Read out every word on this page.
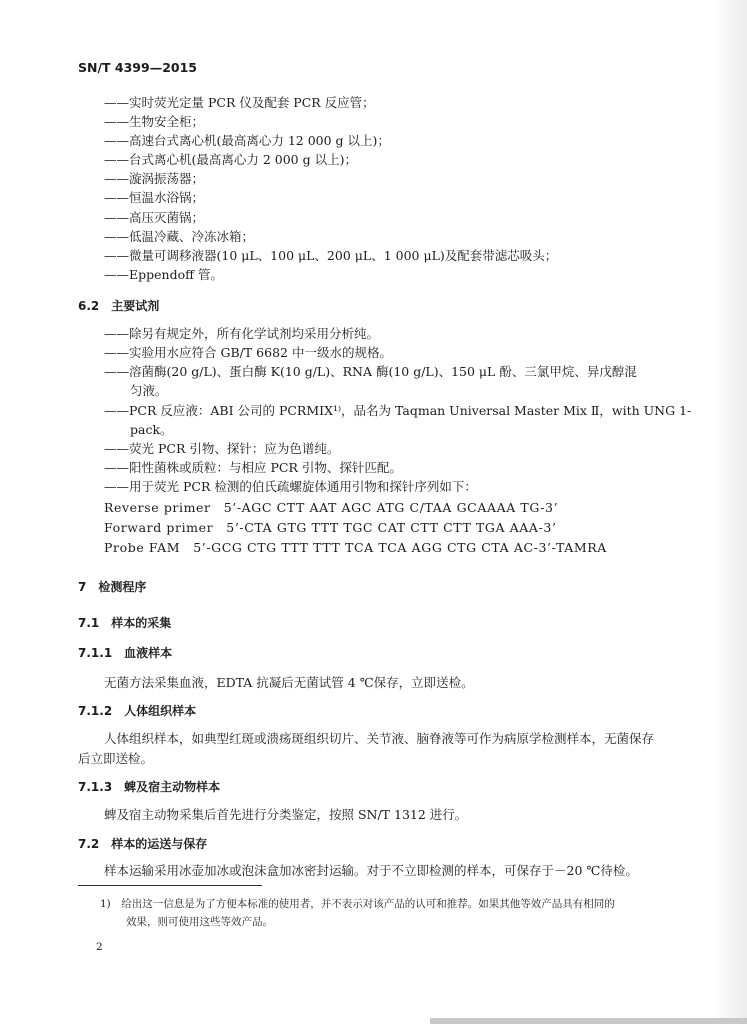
SN/T 4399—2015
——实时荧光定量 PCR 仪及配套 PCR 反应管；
——生物安全柜；
——高速台式离心机(最高离心力 12 000 g 以上)；
——台式离心机(最高离心力 2 000 g 以上)；
——漩涡振荡器；
——恒温水浴锅；
——高压灭菌锅；
——低温冷藏、冷冻冰箱；
——微量可调移液器(10 μL、100 μL、200 μL、1 000 μL)及配套带滤芯吸头；
——Eppendoff 管。
6.2　主要试剂
——除另有规定外，所有化学试剂均采用分析纯。
——实验用水应符合 GB/T 6682 中一级水的规格。
——溶菌酶(20 g/L)、蛋白酶 K(10 g/L)、RNA 酶(10 g/L)、150 μL 酚、三氯甲烷、异戊醇混
匀液。
——PCR 反应液：ABI 公司的 PCRMIX¹⁾，品名为 Taqman Universal Master Mix Ⅱ，with UNG 1-
pack。
——荧光 PCR 引物、探针：应为色谱纯。
——阳性菌株或质粒：与相应 PCR 引物、探针匹配。
——用于荧光 PCR 检测的伯氏疏螺旋体通用引物和探针序列如下：
Reverse primer　5’-AGC CTT AAT AGC ATG C/TAA GCAAAA TG-3’
Forward primer　5’-CTA GTG TTT TGC CAT CTT CTT TGA AAA-3’
Probe FAM　5’-GCG CTG TTT TTT TCA TCA AGG CTG CTA AC-3’-TAMRA
7　检测程序
7.1　样本的采集
7.1.1　血液样本
无菌方法采集血液，EDTA 抗凝后无菌试管 4 ℃保存，立即送检。
7.1.2　人体组织样本
人体组织样本，如典型红斑或溃疡斑组织切片、关节液、脑脊液等可作为病原学检测样本，无菌保存
后立即送检。
7.1.3　蜱及宿主动物样本
蜱及宿主动物采集后首先进行分类鉴定，按照 SN/T 1312 进行。
7.2　样本的运送与保存
样本运输采用冰壶加冰或泡沫盒加冰密封运输。对于不立即检测的样本，可保存于－20 ℃待检。
1)　给出这一信息是为了方便本标准的使用者，并不表示对该产品的认可和推荐。如果其他等效产品具有相同的
效果，则可使用这些等效产品。
2
